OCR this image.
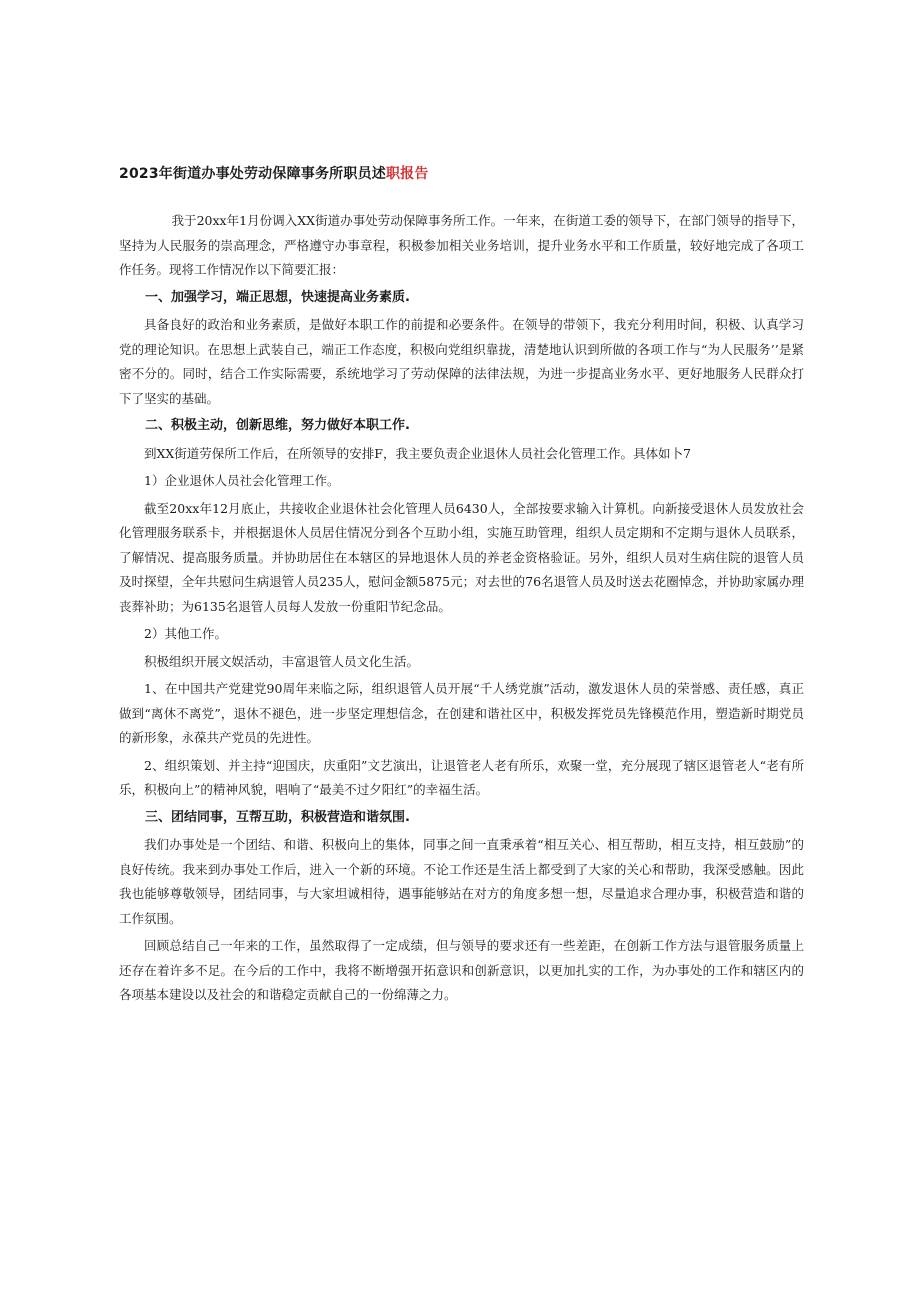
2023年街道办事处劳动保障事务所职员述职报告

我于20xx年1月份调入XX街道办事处劳动保障事务所工作。一年来，在街道工委的领导下，在部门领导的指导下，坚持为人民服务的崇高理念，严格遵守办事章程，积极参加相关业务培训，提升业务水平和工作质量，较好地完成了各项工作任务。现将工作情况作以下简要汇报：

一、加强学习，端正思想，快速提高业务素质.

具备良好的政治和业务素质，是做好本职工作的前提和必要条件。在领导的带领下，我充分利用时间，积极、认真学习党的理论知识。在思想上武装自己，端正工作态度，积极向党组织靠拢，清楚地认识到所做的各项工作与“为人民服务’’是紧密不分的。同时，结合工作实际需要，系统地学习了劳动保障的法律法规，为进一步提高业务水平、更好地服务人民群众打下了坚实的基础。

二、积极主动，创新思维，努力做好本职工作.

到XX街道劳保所工作后，在所领导的安排F，我主要负责企业退休人员社会化管理工作。具体如卜7

1）企业退休人员社会化管理工作。

截至20xx年12月底止，共接收企业退休社会化管理人员6430人，全部按要求输入计算机。向新接受退休人员发放社会化管理服务联系卡，并根据退休人员居住情况分到各个互助小组，实施互助管理，组织人员定期和不定期与退休人员联系，了解情况、提高服务质量。并协助居住在本辖区的异地退休人员的养老金资格验证。另外，组织人员对生病住院的退管人员及时探望，全年共慰问生病退管人员235人，慰问金额5875元；对去世的76名退管人员及时送去花圈悼念，并协助家属办理丧葬补助；为6135名退管人员每人发放一份重阳节纪念品。

2）其他工作。

积极组织开展文娱活动，丰富退管人员文化生活。

1、在中国共产党建党90周年来临之际，组织退管人员开展“千人绣党旗”活动，激发退休人员的荣誉感、责任感，真正做到“离休不离党”，退休不褪色，进一步坚定理想信念，在创建和谐社区中，积极发挥党员先锋模范作用，塑造新时期党员的新形象，永葆共产党员的先进性。

2、组织策划、并主持“迎国庆，庆重阳”文艺演出，让退管老人老有所乐，欢聚一堂，充分展现了辖区退管老人“老有所乐，积极向上”的精神风貌，唱响了“最美不过夕阳红”的幸福生活。

三、团结同事，互帮互助，积极营造和谐氛围.

我们办事处是一个团结、和谐、积极向上的集体，同事之间一直秉承着“相互关心、相互帮助，相互支持，相互鼓励”的良好传统。我来到办事处工作后，进入一个新的环境。不论工作还是生活上都受到了大家的关心和帮助，我深受感触。因此我也能够尊敬领导，团结同事，与大家坦诚相待，遇事能够站在对方的角度多想一想，尽量追求合理办事，积极营造和谐的工作氛围。

回顾总结自己一年来的工作，虽然取得了一定成绩，但与领导的要求还有一些差距，在创新工作方法与退管服务质量上还存在着许多不足。在今后的工作中，我将不断增强开拓意识和创新意识，以更加扎实的工作，为办事处的工作和辖区内的各项基本建设以及社会的和谐稳定贡献自己的一份绵薄之力。
